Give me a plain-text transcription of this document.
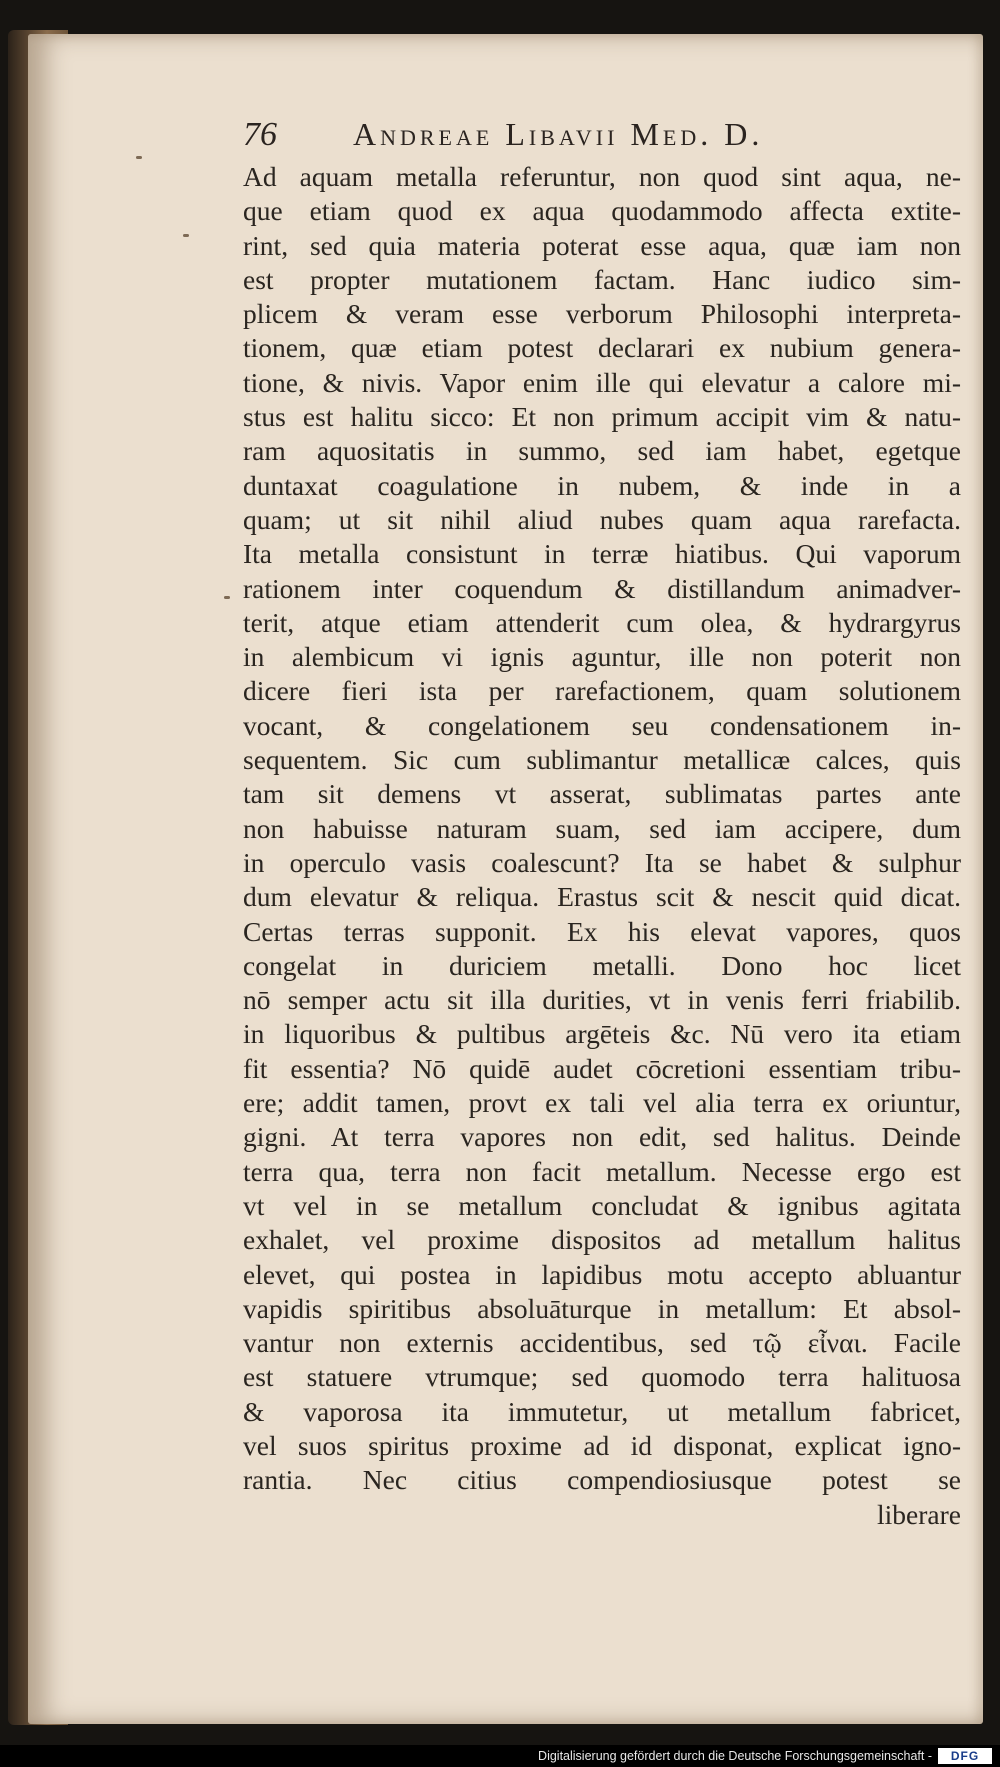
76 Andreae Libavii Med. D.
Ad aquam metalla referuntur, non quod sint aqua, ne-
que etiam quod ex aqua quodammodo affecta extite-
rint, sed quia materia poterat esse aqua, quæ iam non
est propter mutationem factam. Hanc iudico sim-
plicem & veram esse verborum Philosophi interpreta-
tionem, quæ etiam potest declarari ex nubium genera-
tione, & nivis. Vapor enim ille qui elevatur a calore mi-
stus est halitu sicco: Et non primum accipit vim & natu-
ram aquositatis in summo, sed iam habet, egetque
duntaxat coagulatione in nubem, & inde in a
quam; ut sit nihil aliud nubes quam aqua rarefacta.
Ita metalla consistunt in terræ hiatibus. Qui vaporum
rationem inter coquendum & distillandum animadver-
terit, atque etiam attenderit cum olea, & hydrargyrus
in alembicum vi ignis aguntur, ille non poterit non
dicere fieri ista per rarefactionem, quam solutionem
vocant, & congelationem seu condensationem in-
sequentem. Sic cum sublimantur metallicæ calces, quis
tam sit demens vt asserat, sublimatas partes ante
non habuisse naturam suam, sed iam accipere, dum
in operculo vasis coalescunt? Ita se habet & sulphur
dum elevatur & reliqua. Erastus scit & nescit quid dicat.
Certas terras supponit. Ex his elevat vapores, quos
congelat in duriciem metalli. Dono hoc licet
nō semper actu sit illa durities, vt in venis ferri friabilib.
in liquoribus & pultibus argēteis &c. Nū vero ita etiam
fit essentia? Nō quidē audet cōcretioni essentiam tribu-
ere; addit tamen, provt ex tali vel alia terra ex oriuntur,
gigni. At terra vapores non edit, sed halitus. Deinde
terra qua, terra non facit metallum. Necesse ergo est
vt vel in se metallum concludat & ignibus agitata
exhalet, vel proxime dispositos ad metallum halitus
elevet, qui postea in lapidibus motu accepto abluantur
vapidis spiritibus absoluāturque in metallum: Et absol-
vantur non externis accidentibus, sed τῷ εἶναι. Facile
est statuere vtrumque; sed quomodo terra halituosa
& vaporosa ita immutetur, ut metallum fabricet,
vel suos spiritus proxime ad id disponat, explicat igno-
rantia. Nec citius compendiosiusque potest se
liberare
Digitalisierung gefördert durch die Deutsche Forschungsgemeinschaft -	DFG
